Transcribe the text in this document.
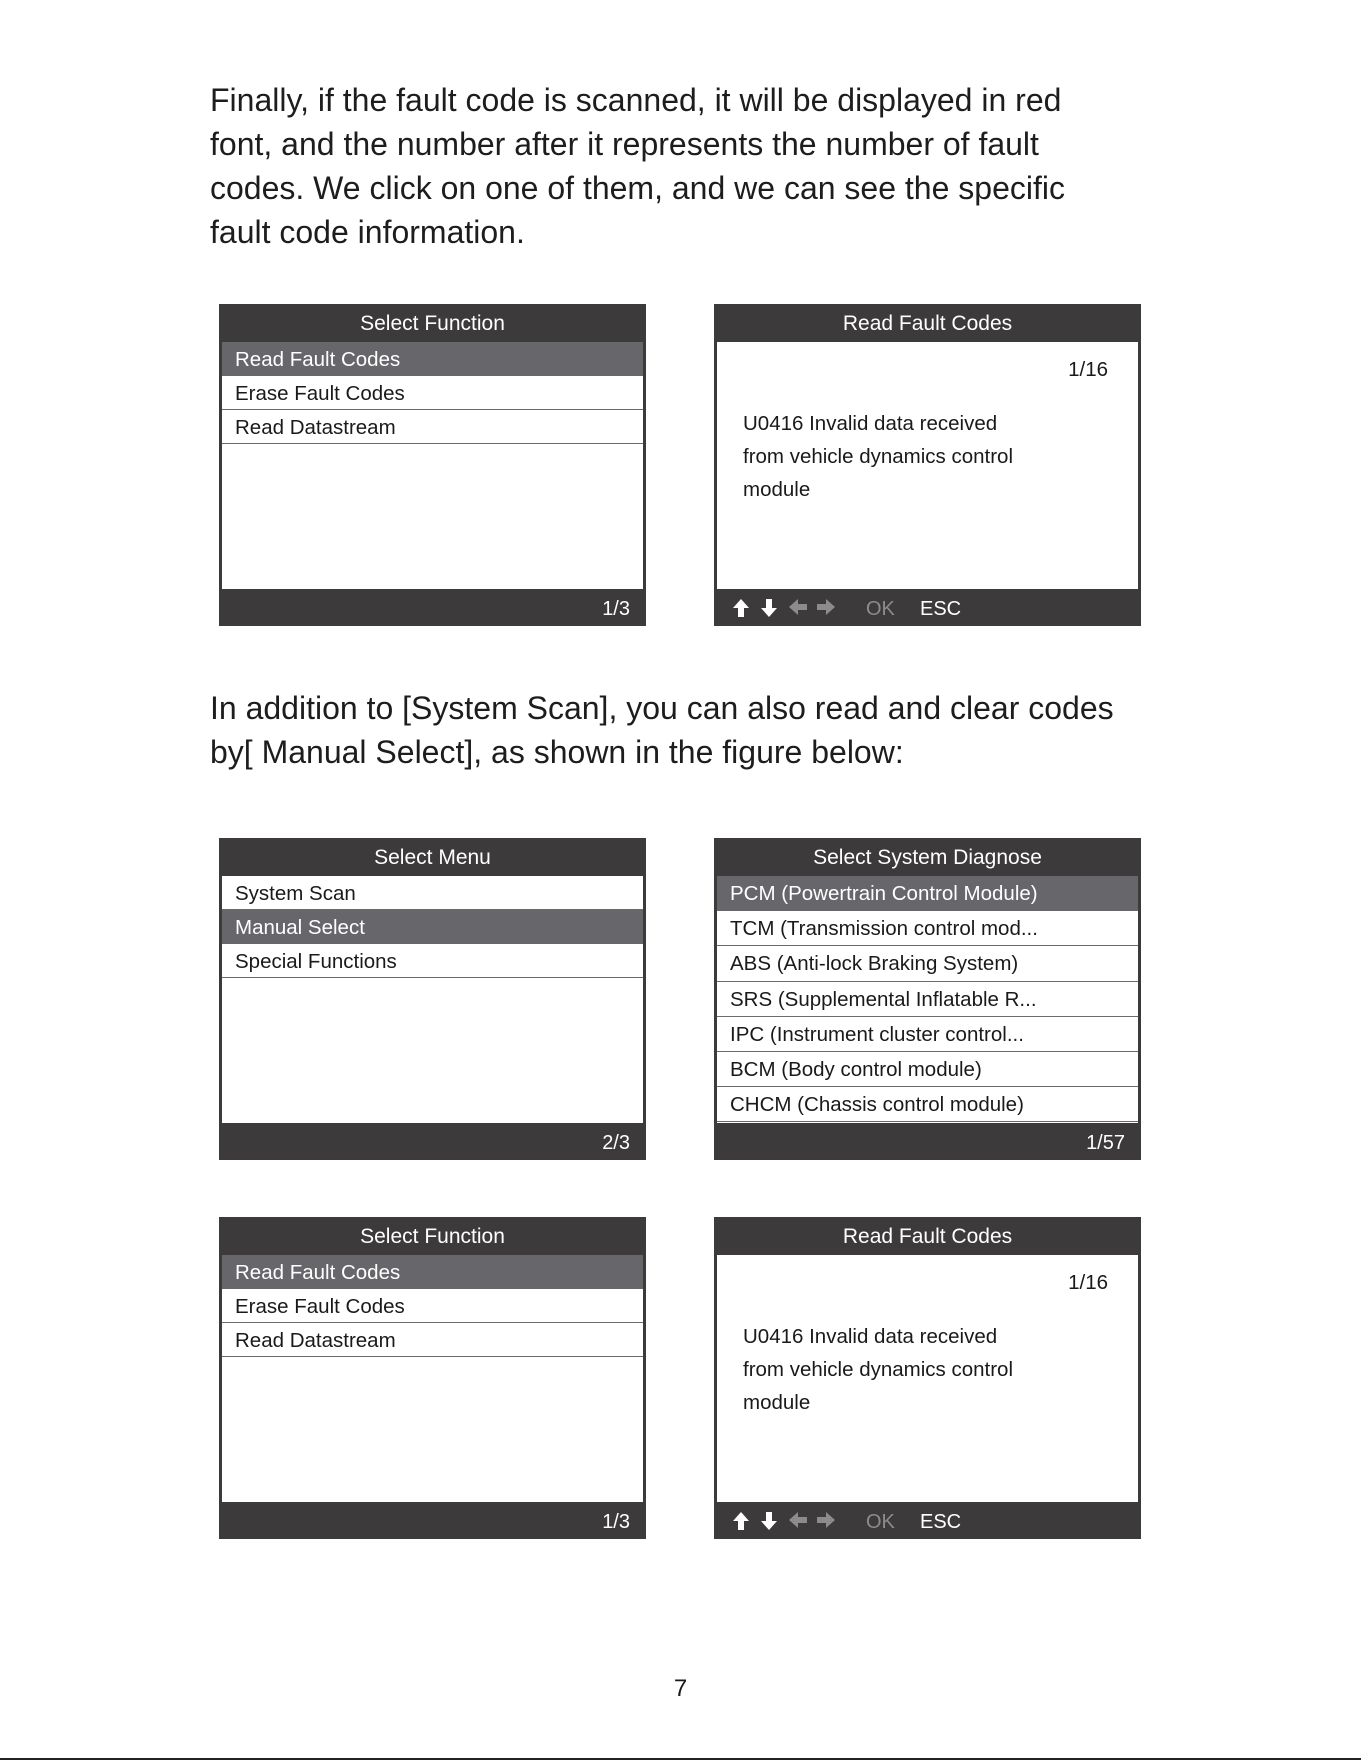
Finally, if the fault code is scanned, it will be displayed in red
font, and the number after it represents the number of fault
codes. We click on one of them, and we can see the specific
fault code information.

Select Function
Read Fault Codes
Erase Fault Codes
Read Datastream
1/3
Read Fault Codes
1/16
U0416 Invalid data received
from vehicle dynamics control
module
OK ESC

In addition to [System Scan], you can also read and clear codes
by[ Manual Select], as shown in the figure below:

Select Menu
System Scan
Manual Select
Special Functions
2/3
Select System Diagnose
PCM (Powertrain Control Module)
TCM (Transmission control mod...
ABS (Anti-lock Braking System)
SRS (Supplemental Inflatable R...
IPC (Instrument cluster control...
BCM (Body control module)
CHCM (Chassis control module)
1/57
Select Function
Read Fault Codes
Erase Fault Codes
Read Datastream
1/3
Read Fault Codes
1/16
U0416 Invalid data received
from vehicle dynamics control
module
OK ESC
7
